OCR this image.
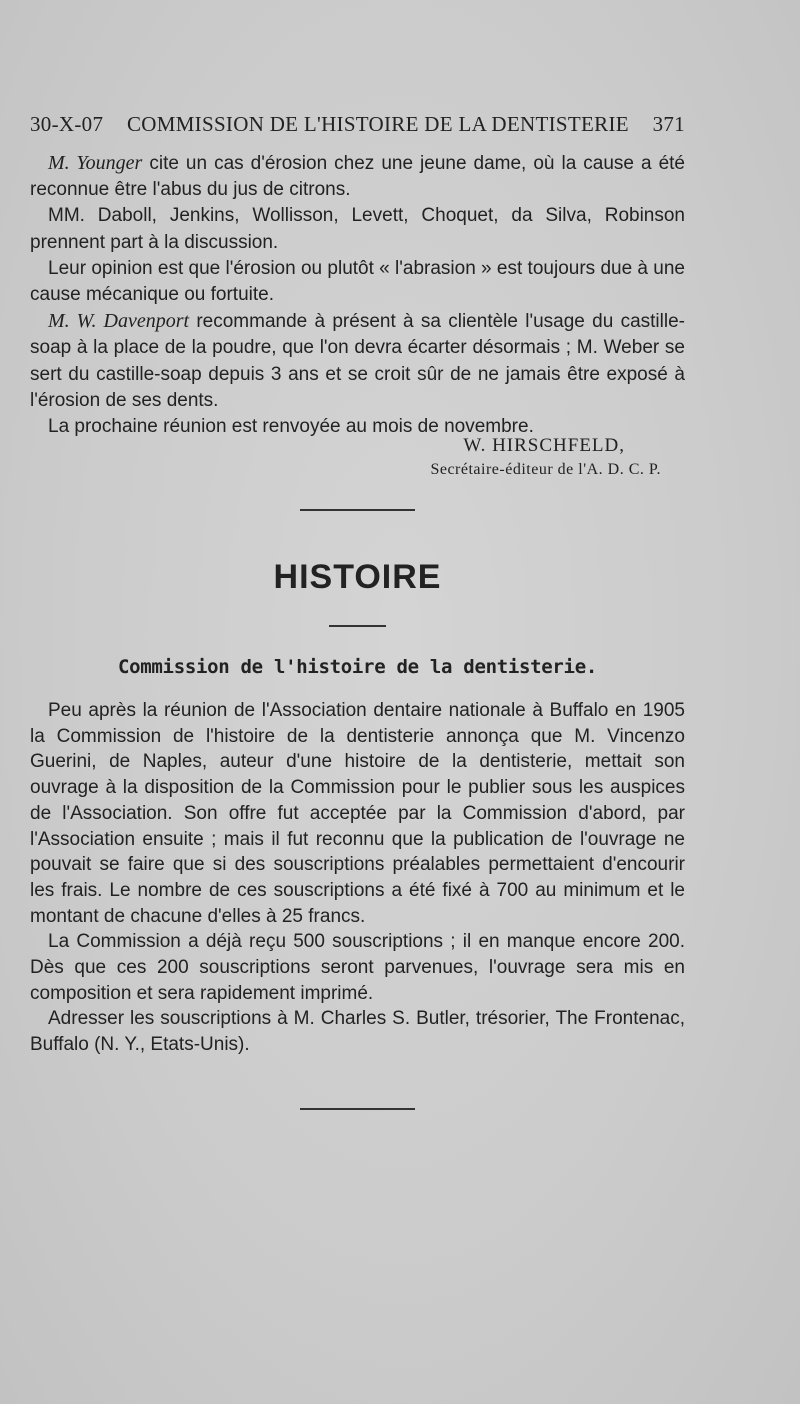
30-X-07 COMMISSION DE L'HISTOIRE DE LA DENTISTERIE 371

M. Younger cite un cas d'érosion chez une jeune dame, où la cause a été reconnue être l'abus du jus de citrons.

MM. Daboll, Jenkins, Wollisson, Levett, Choquet, da Silva, Robinson prennent part à la discussion.

Leur opinion est que l'érosion ou plutôt « l'abrasion » est toujours due à une cause mécanique ou fortuite.

M. W. Davenport recommande à présent à sa clientèle l'usage du castille-soap à la place de la poudre, que l'on devra écarter désormais ; M. Weber se sert du castille-soap depuis 3 ans et se croit sûr de ne jamais être exposé à l'érosion de ses dents.

La prochaine réunion est renvoyée au mois de novembre.

W. HIRSCHFELD,
Secrétaire-éditeur de l'A. D. C. P.
HISTOIRE
Commission de l'histoire de la dentisterie.

Peu après la réunion de l'Association dentaire nationale à Buffalo en 1905 la Commission de l'histoire de la dentisterie annonça que M. Vincenzo Guerini, de Naples, auteur d'une histoire de la dentisterie, mettait son ouvrage à la disposition de la Commission pour le publier sous les auspices de l'Association. Son offre fut acceptée par la Commission d'abord, par l'Association ensuite ; mais il fut reconnu que la publication de l'ouvrage ne pouvait se faire que si des souscriptions préalables permettaient d'encourir les frais. Le nombre de ces souscriptions a été fixé à 700 au minimum et le montant de chacune d'elles à 25 francs.

La Commission a déjà reçu 500 souscriptions ; il en manque encore 200. Dès que ces 200 souscriptions seront parvenues, l'ouvrage sera mis en composition et sera rapidement imprimé.

Adresser les souscriptions à M. Charles S. Butler, trésorier, The Frontenac, Buffalo (N. Y., Etats-Unis).
